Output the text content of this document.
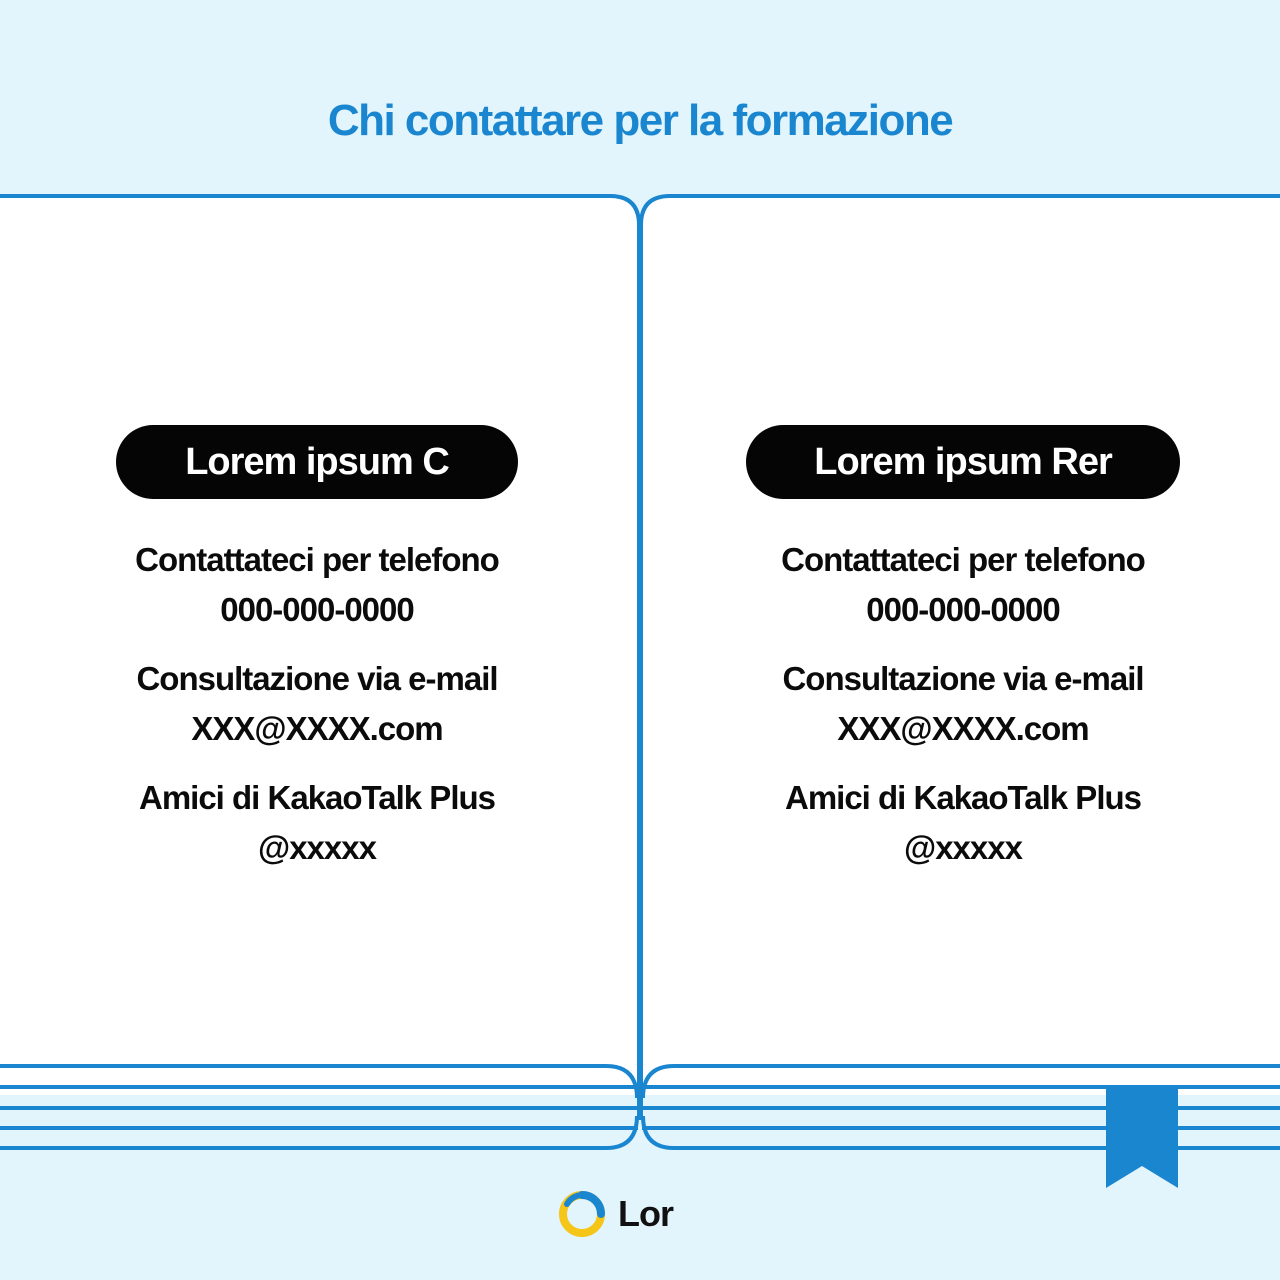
Chi contattare per la formazione
Lorem ipsum C
Contattateci per telefono
000-000-0000
Consultazione via e-mail
XXX@XXXX.com
Amici di KakaoTalk Plus
@xxxxx
Lorem ipsum Rer
Contattateci per telefono
000-000-0000
Consultazione via e-mail
XXX@XXXX.com
Amici di KakaoTalk Plus
@xxxxx
Lor
